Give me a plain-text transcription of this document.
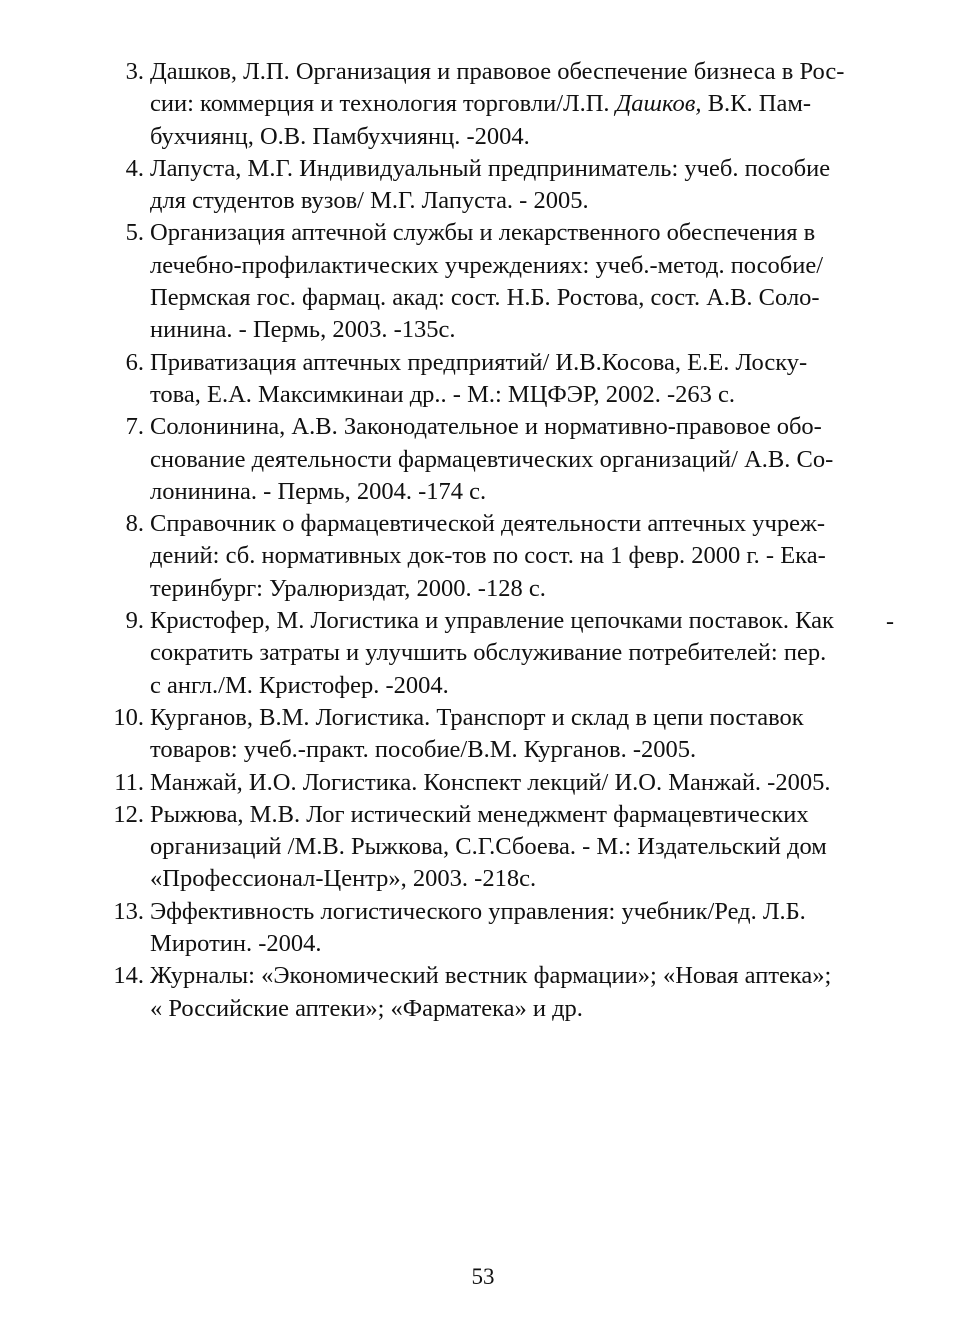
3. Дашков, Л.П. Организация и правовое обеспечение бизнеса в Рос-
сии: коммерция и технология торговли/Л.П. Дашков, В.К. Пам-
бухчиянц, О.В. Памбухчиянц. -2004.
4. Лапуста, М.Г. Индивидуальный предприниматель: учеб. пособие
для студентов вузов/ М.Г. Лапуста. - 2005.
5. Организация аптечной службы и лекарственного обеспечения в
лечебно-профилактических учреждениях: учеб.-метод. пособие/
Пермская гос. фармац. акад: сост. Н.Б. Ростова, сост. А.В. Соло-
нинина. - Пермь, 2003. -135с.
6. Приватизация аптечных предприятий/ И.В.Косова, Е.Е. Лоску-
това, Е.А. Максимкинаи др.. - М.: МЦФЭР, 2002. -263 с.
7. Солонинина, А.В. Законодательное и нормативно-правовое обо-
снование деятельности фармацевтических организаций/ А.В. Со-
лонинина. - Пермь, 2004. -174 с.
8. Справочник о фармацевтической деятельности аптечных учреж-
дений: сб. нормативных док-тов по сост. на 1 февр. 2000 г. - Ека-
теринбург: Уралюриздат, 2000. -128 с.
9. Кристофер, М. Логистика и управление цепочками поставок. Как
сократить затраты и улучшить обслуживание потребителей: пер.
с англ./М. Кристофер. -2004.
10. Курганов, В.М. Логистика. Транспорт и склад в цепи поставок
товаров: учеб.-практ. пособие/В.М. Курганов. -2005.
11. Манжай, И.О. Логистика. Конспект лекций/ И.О. Манжай. -2005.
12. Рыжюва, М.В. Лог истический менеджмент фармацевтических
организаций /М.В. Рыжкова, С.Г.Сбоева. - М.: Издательский дом
«Профессионал-Центр», 2003. -218с.
13. Эффективность логистического управления: учебник/Ред. Л.Б.
Миротин. -2004.
14. Журналы: «Экономический вестник фармации»; «Новая аптека»;
« Российские аптеки»; «Фарматека» и др.
-
53
